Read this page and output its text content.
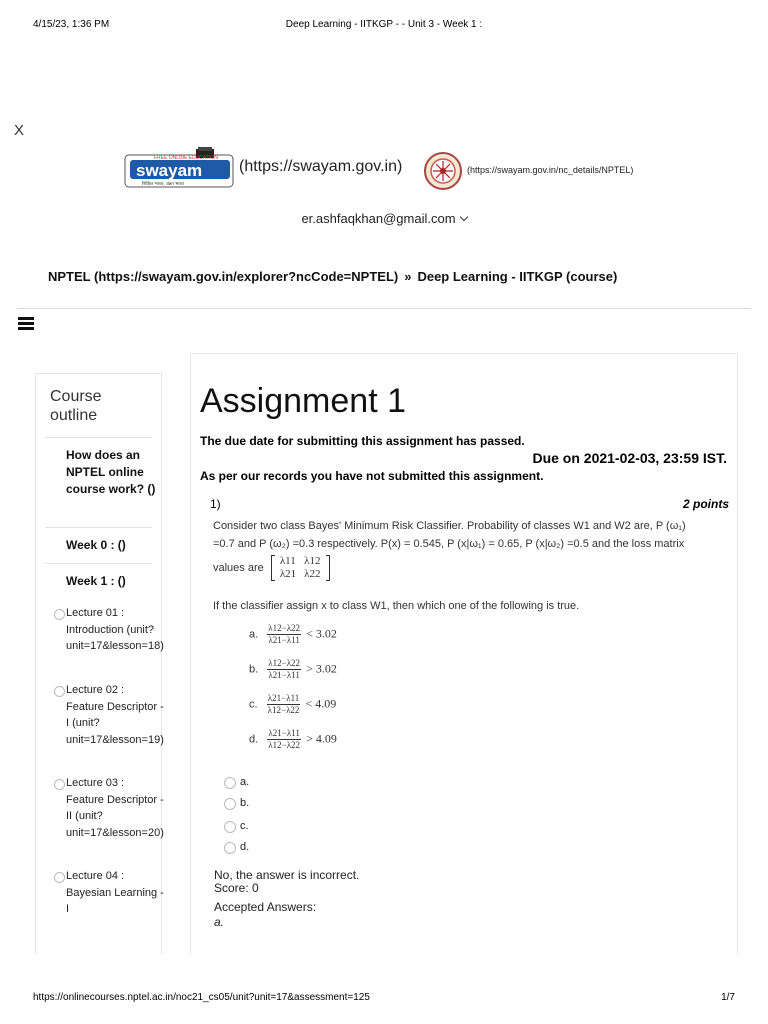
4/15/23, 1:36 PM	Deep Learning - IITKGP - - Unit 3 - Week 1 :
https://onlinecourses.nptel.ac.in/noc21_cs05/unit?unit=17&assessment=125	1/7
X
FREE ONLINE EDUCATION
swayam
शिक्षित भारत, उन्नत भारत
(https://swayam.gov.in)	(https://swayam.gov.in/nc_details/NPTEL)
er.ashfaqkhan@gmail.com
NPTEL (https://swayam.gov.in/explorer?ncCode=NPTEL) » Deep Learning - IITKGP (course)
Course outline
How does an NPTEL online course work? ()
Week 0 : ()
Week 1 : ()
Lecture 01 : Introduction (unit?unit=17&lesson=18)
Lecture 02 : Feature Descriptor - I (unit?unit=17&lesson=19)
Lecture 03 : Feature Descriptor - II (unit?unit=17&lesson=20)
Lecture 04 : Bayesian Learning - I
Assignment 1
The due date for submitting this assignment has passed.
Due on 2021-02-03, 23:59 IST.
As per our records you have not submitted this assignment.
1)	2 points
Consider two class Bayes' Minimum Risk Classifier. Probability of classes W1 and W2 are, P (ω₁)
=0.7 and P (ω₂) =0.3 respectively. P(x) = 0.545, P (x|ω₁) = 0.65, P (x|ω₂) =0.5 and the loss matrix
values are
λ11	λ12
λ21	λ22
If the classifier assign x to class W1, then which one of the following is true.
a. $\frac{\lambda 12-\lambda 22}{\lambda 21-\lambda 11} < 3.02$
b. $\frac{\lambda 12-\lambda 22}{\lambda 21-\lambda 11} > 3.02$
c. $\frac{\lambda 21-\lambda 11}{\lambda 12-\lambda 22} < 4.09$
d. $\frac{\lambda 21-\lambda 11}{\lambda 12-\lambda 22} > 4.09$
a.
b.
c.
d.
No, the answer is incorrect.
Score: 0
Accepted Answers:
a.
